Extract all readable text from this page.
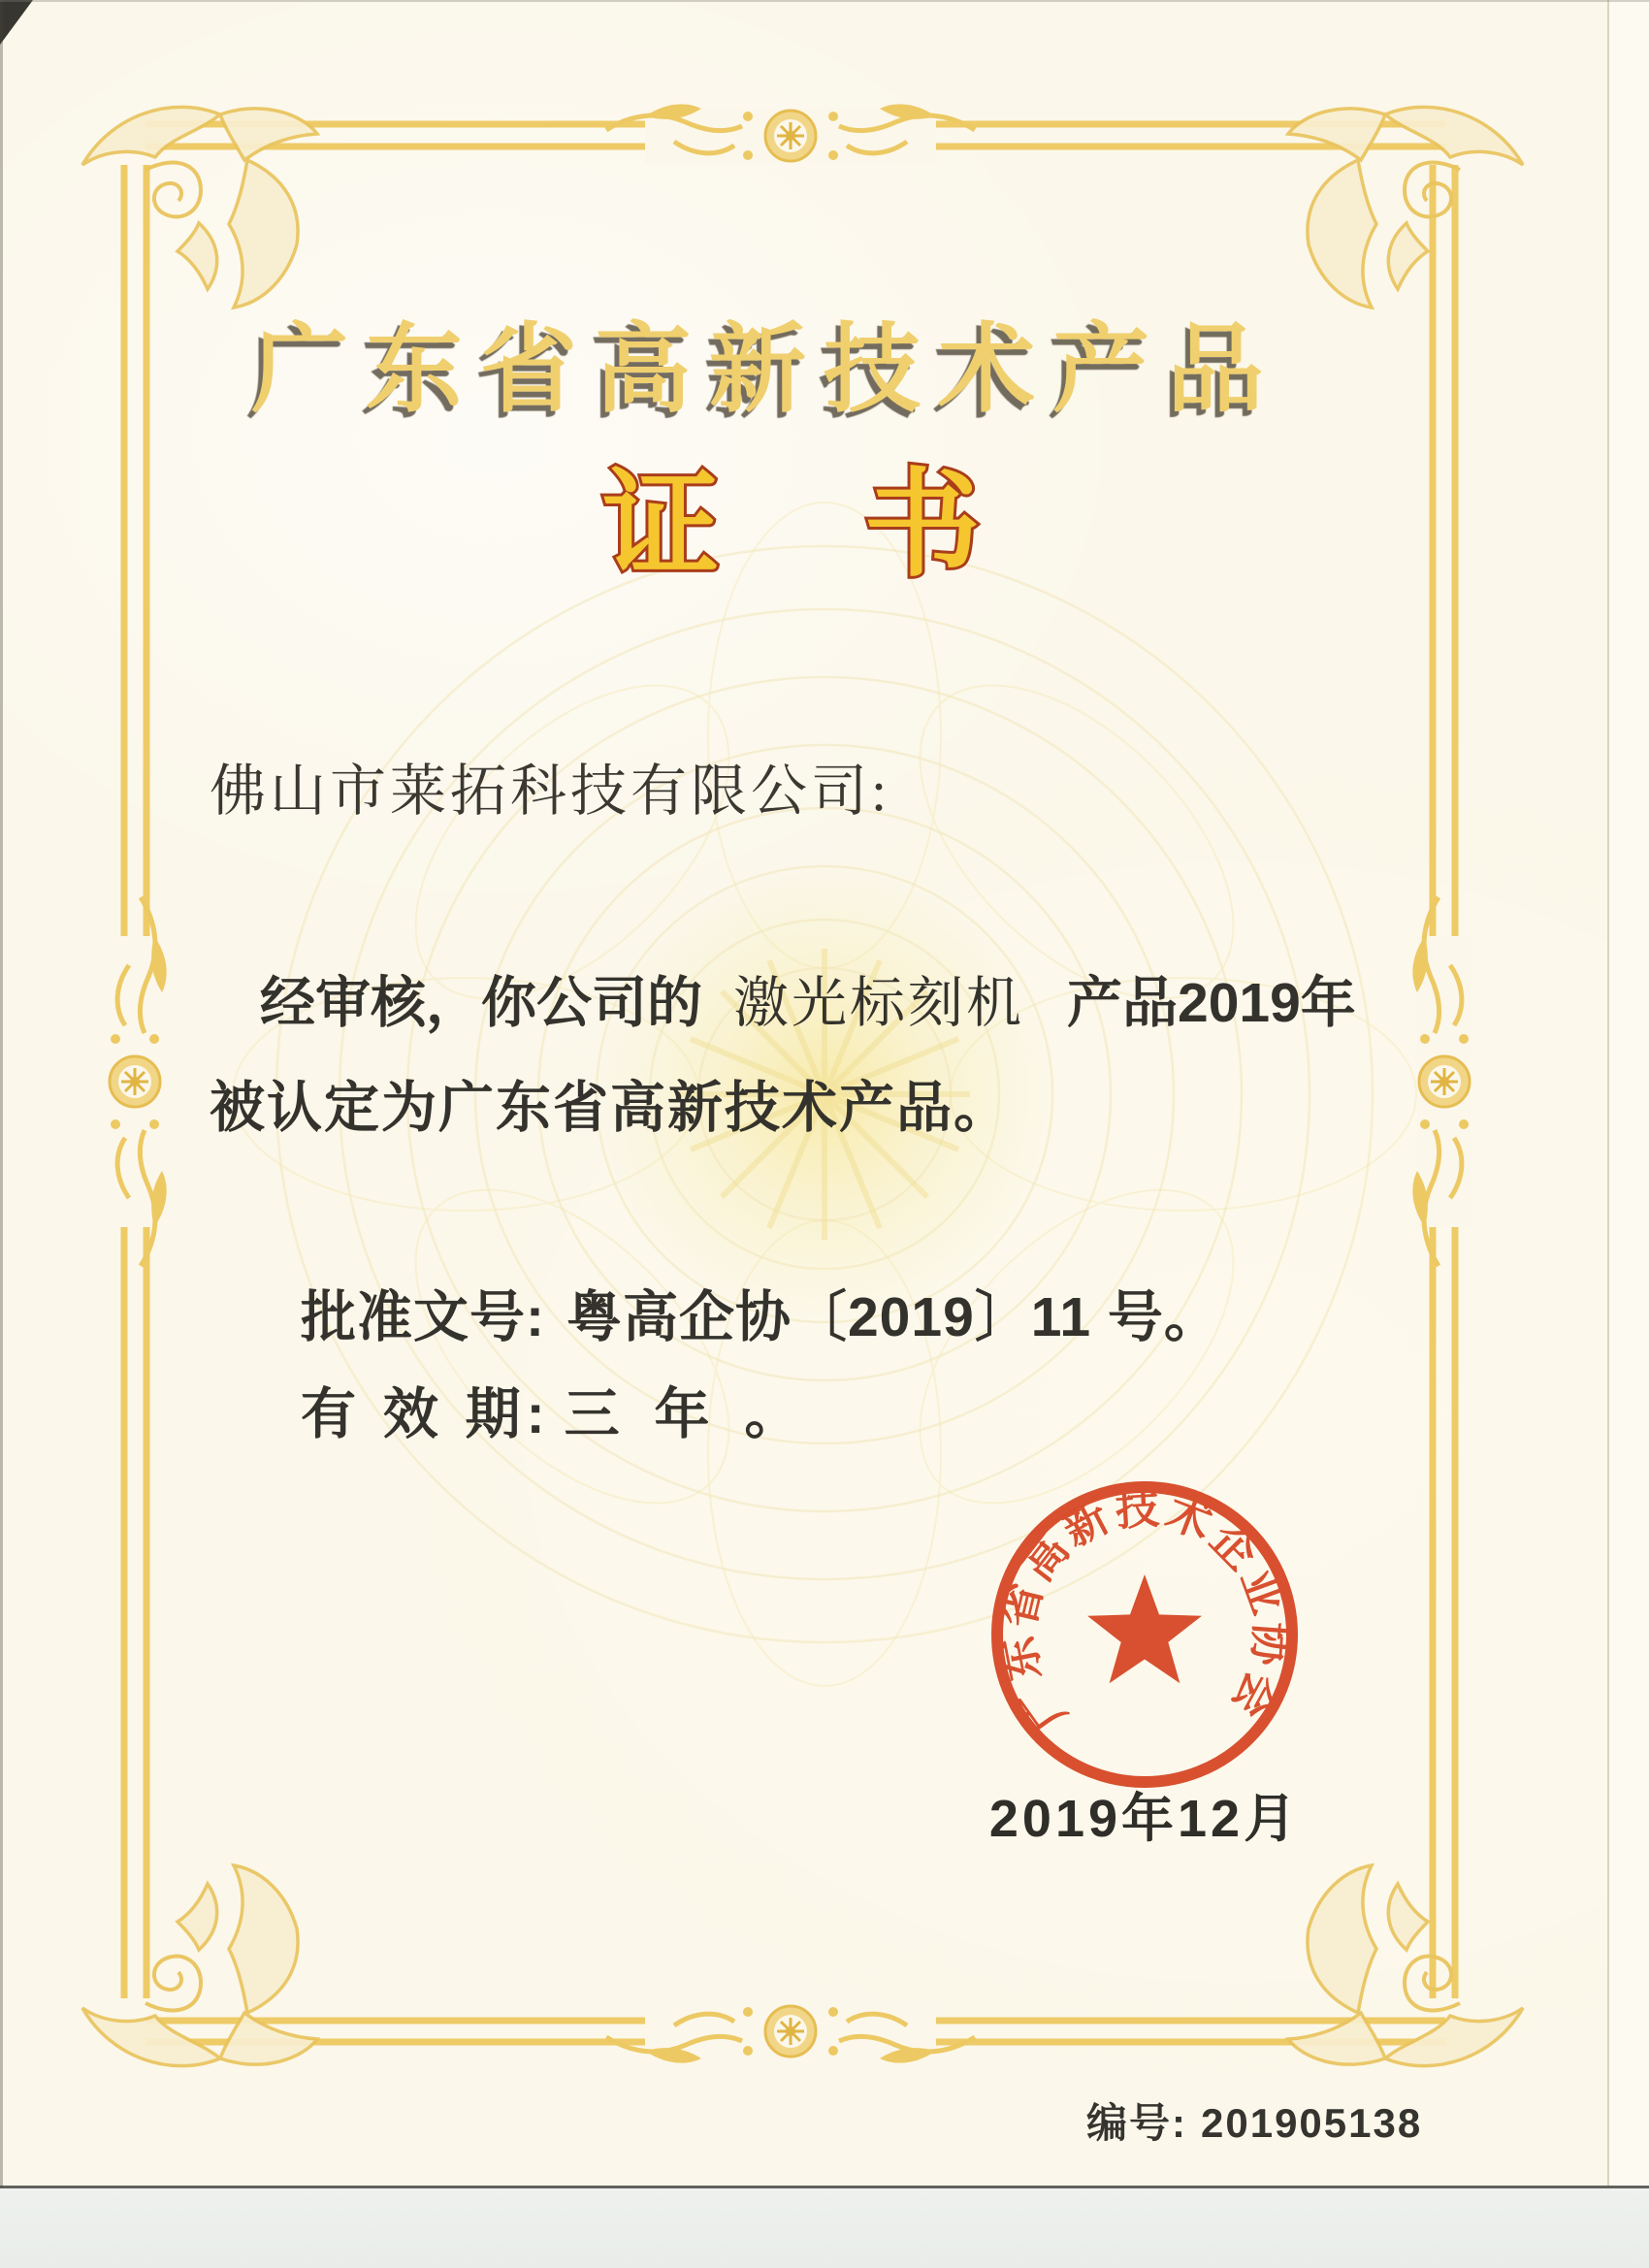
广东省高新技术产品
证 书
佛山市莱拓科技有限公司:
经审核，你公司的 激光标刻机 产品2019年
被认定为广东省高新技术产品。
批准文号: 粤高企协〔2019〕11 号。
有 效 期: 三 年 。
广东省高新技术企业协会
2019年12月
编号: 201905138
